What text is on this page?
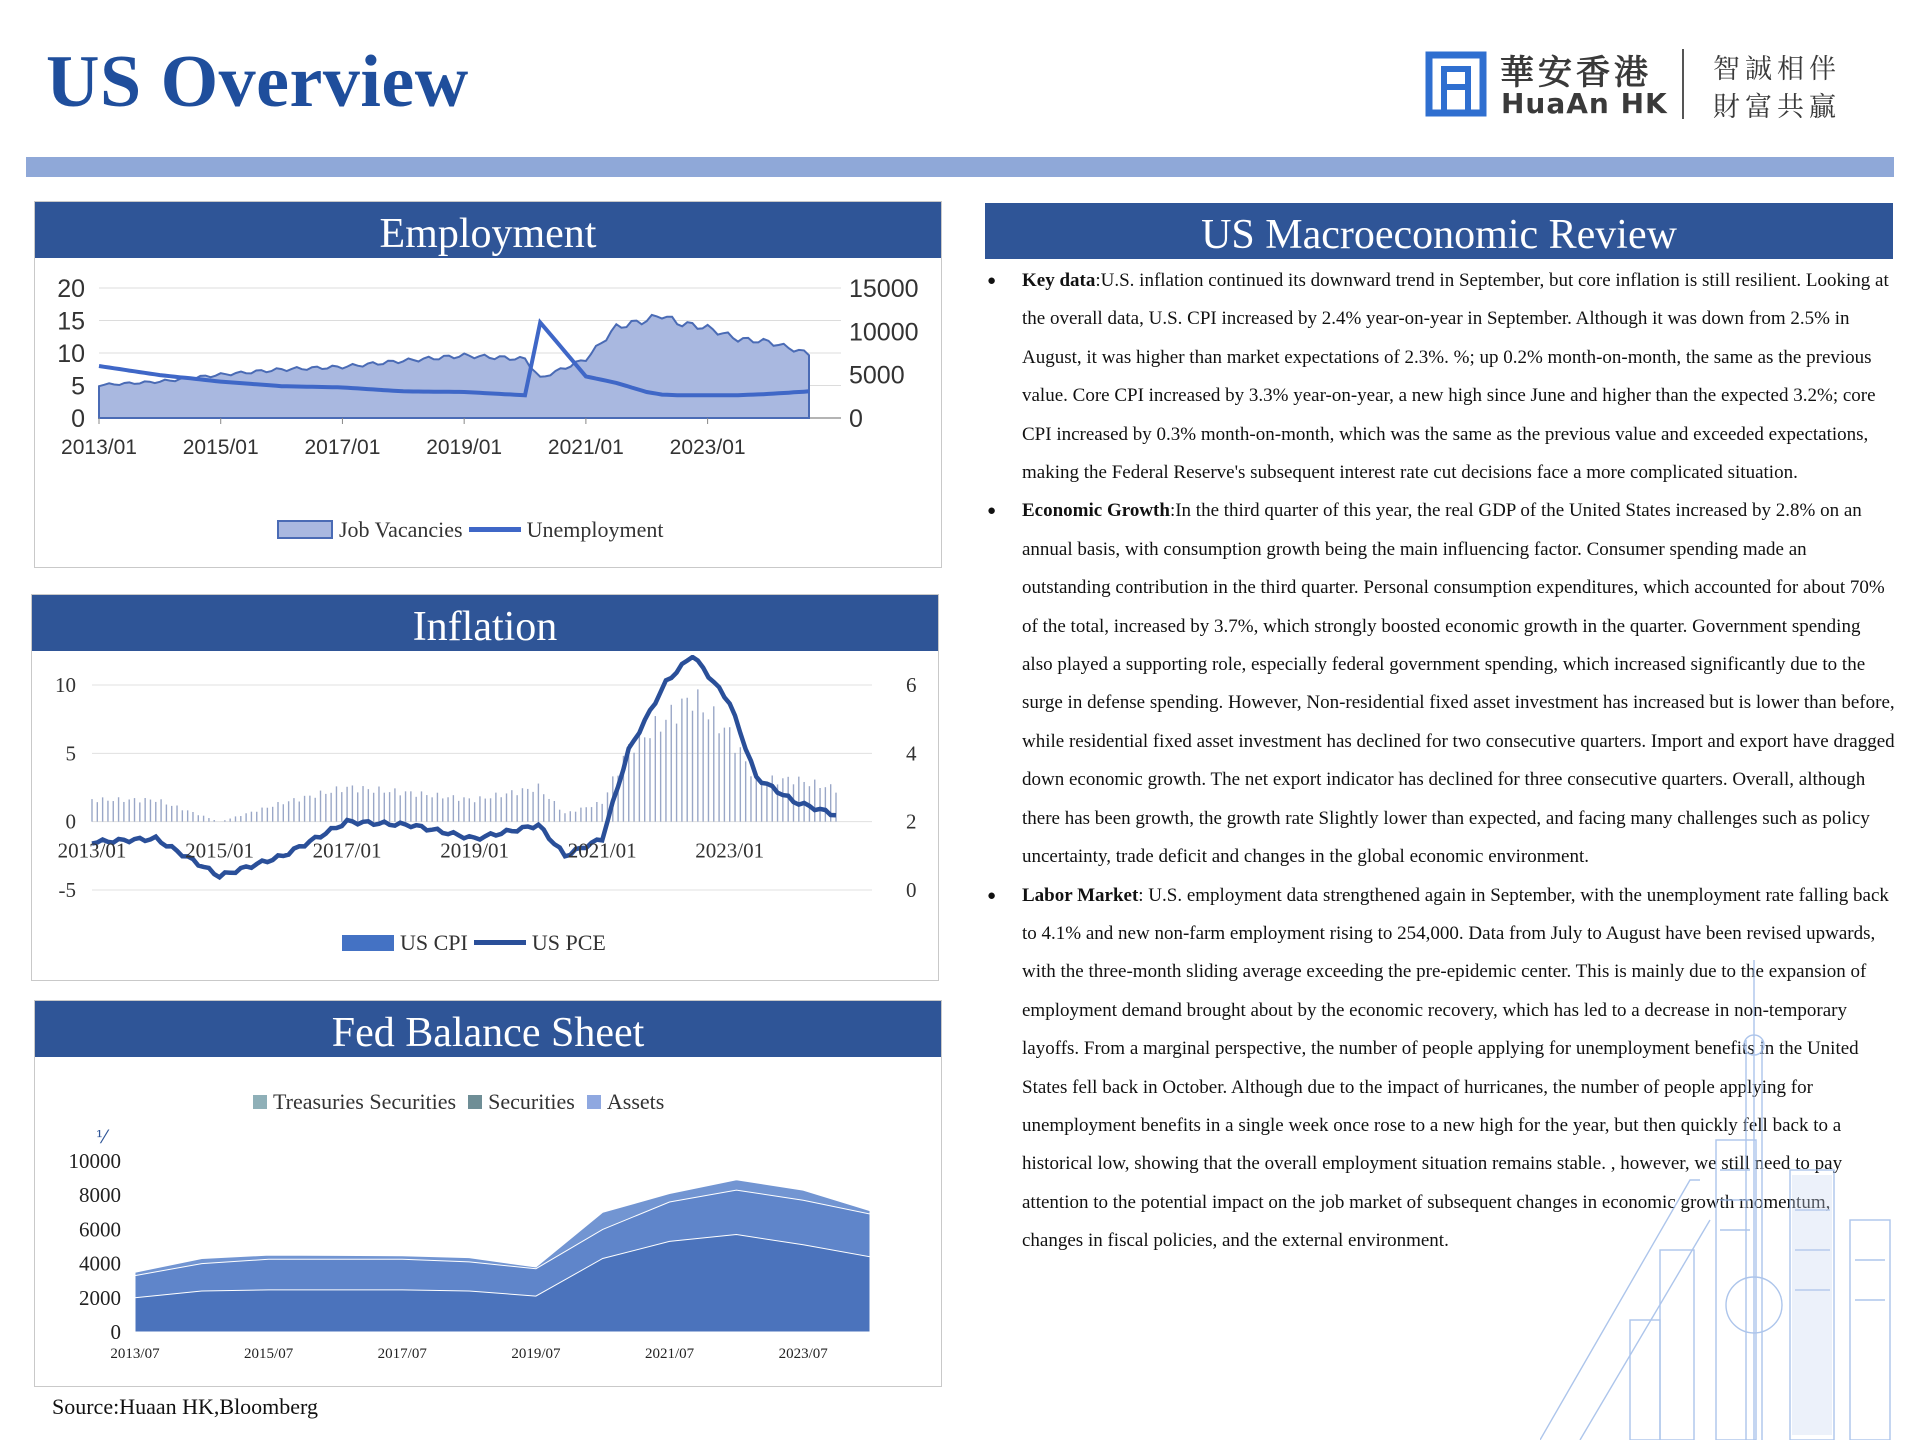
US Overview	華安香港
HuaAn HK
智誠相伴
財富共贏
Employment
20
15
10
5
0
15000
10000
5000
0
2013/01 2015/01 2017/01 2019/01 2021/01 2023/01
Job Vacancies	Unemployment
Inflation
10
5
0
-5
6
4
2
0
2013/01	2015/01	2017/01	2019/01	2021/01	2023/01
US CPI	US PCE
Fed Balance Sheet
Treasuries Securities Securities Assets
⅟
10000
8000
6000
4000
2000
0
2013/07	2015/07	2017/07	2019/07	2021/07	2023/07
US Macroeconomic Review
● Key data:U.S. inflation continued its downward trend in September, but core inflation is still resilient. Looking at the overall data, U.S. CPI increased by 2.4% year-on-year in September. Although it was down from 2.5% in August, it was higher than market expectations of 2.3%. %; up 0.2% month-on-month, the same as the previous value. Core CPI increased by 3.3% year-on-year, a new high since June and higher than the expected 3.2%; core CPI increased by 0.3% month-on-month, which was the same as the previous value and exceeded expectations, making the Federal Reserve's subsequent interest rate cut decisions face a more complicated situation.
● Economic Growth:In the third quarter of this year, the real GDP of the United States increased by 2.8% on an annual basis, with consumption growth being the main influencing factor. Consumer spending made an outstanding contribution in the third quarter. Personal consumption expenditures, which accounted for about 70% of the total, increased by 3.7%, which strongly boosted economic growth in the quarter. Government spending also played a supporting role, especially federal government spending, which increased significantly due to the surge in defense spending. However, Non-residential fixed asset investment has increased but is lower than before, while residential fixed asset investment has declined for two consecutive quarters. Import and export have dragged down economic growth. The net export indicator has declined for three consecutive quarters. Overall, although there has been growth, the growth rate Slightly lower than expected, and facing many challenges such as policy uncertainty, trade deficit and changes in the global economic environment.
● Labor Market: U.S. employment data strengthened again in September, with the unemployment rate falling back to 4.1% and new non-farm employment rising to 254,000. Data from July to August have been revised upwards, with the three-month sliding average exceeding the pre-epidemic center. This is mainly due to the expansion of employment demand brought about by the economic recovery, which has led to a decrease in non-temporary layoffs. From a marginal perspective, the number of people applying for unemployment benefits in the United States fell back in October. Although due to the impact of hurricanes, the number of people applying for unemployment benefits in a single week once rose to a new high for the year, but then quickly fell back to a historical low, showing that the overall employment situation remains stable. , however, we still need to pay attention to the potential impact on the job market of subsequent changes in economic growth momentum, changes in fiscal policies, and the external environment.
Source:Huaan HK,Bloomberg
